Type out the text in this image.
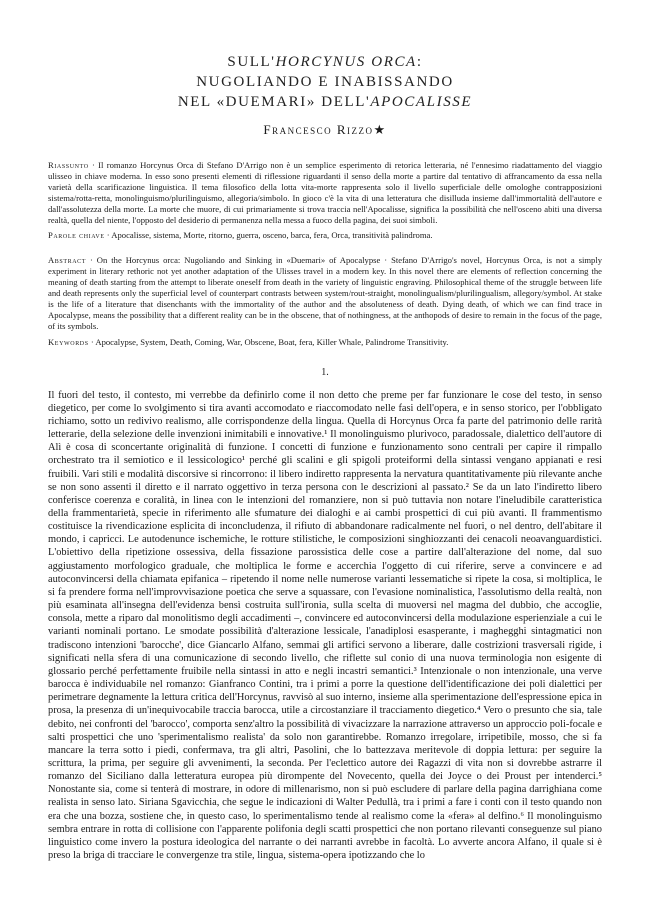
SULL'HORCYNUS ORCA:
NUGOLIANDO E INABISSANDO
NEL «DUEMARI» DELL'APOCALISSE
Francesco Rizzo★

Riassunto · Il romanzo Horcynus Orca di Stefano D'Arrigo non è un semplice esperimento di retorica letteraria, né l'ennesimo riadattamento del viaggio ulisseo in chiave moderna. In esso sono presenti elementi di riflessione riguardanti il senso della morte a partire dal tentativo di affrancamento da essa nella varietà della scarificazione linguistica. Il tema filosofico della lotta vita-morte rappresenta solo il livello superficiale delle omologhe contrapposizioni sistema/rotta-retta, monolinguismo/plurilinguismo, allegoria/simbolo. In gioco c'è la vita di una letteratura che disilluda insieme dall'immortalità dell'autore e dall'assolutezza della morte. La morte che muore, di cui primariamente si trova traccia nell'Apocalisse, significa la possibilità che nell'osceno abiti una diversa realtà, quella del niente, l'opposto del desiderio di permanenza nella messa a fuoco della pagina, dei suoi simboli.

Parole chiave · Apocalisse, sistema, Morte, ritorno, guerra, osceno, barca, fera, Orca, transitività palindroma.

Abstract · On the Horcynus orca: Nugoliando and Sinking in «Duemari» of Apocalypse · Stefano D'Arrigo's novel, Horcynus Orca, is not a simply experiment in literary rethoric not yet another adaptation of the Ulisses travel in a modern key. In this novel there are elements of reflection concerning the meaning of death starting from the attempt to liberate oneself from death in the variety of linguistic engraving. Philosophical theme of the struggle between life and death represents only the superficial level of counterpart contrasts between system/rout-straight, monolingualism/plurilingualism, allegory/symbol. At stake is the life of a literature that disenchants with the immortality of the author and the absoluteness of death. Dying death, of which we can find trace in Apocalypse, means the possibility that a different reality can be in the obscene, that of nothingness, at the anthopods of desire to remain in the focus of the page, of its symbols.

Keywords · Apocalypse, System, Death, Coming, War, Obscene, Boat, fera, Killer Whale, Palindrome Transitivity.
1.

Il fuori del testo, il contesto, mi verrebbe da definirlo come il non detto che preme per far funzionare le cose del testo, in senso diegetico, per come lo svolgimento si tira avanti accomodato e riaccomodato nelle fasi dell'opera, e in senso storico, per l'obbligato richiamo, sotto un redivivo realismo, alle corrispondenze della lingua. Quella di Horcynus Orca fa parte del patrimonio delle rarità letterarie, della selezione delle invenzioni inimitabili e innovative.¹ Il monolinguismo plurivoco, paradossale, dialettico dell'autore di Alì è cosa di sconcertante originalità di funzione. I concetti di funzione e funzionamento sono centrali per capire il rimpallo orchestrato tra il semiotico e il lessicologico¹ perché gli scalini e gli spigoli proteiformi della sintassi vengano appianati e resi fruibili. Vari stili e modalità discorsive si rincorrono: il libero indiretto rappresenta la nervatura quantitativamente più rilevante anche se non sono assenti il diretto e il narrato oggettivo in terza persona con le descrizioni al passato.² Se da un lato l'indiretto libero conferisce coerenza e coralità, in linea con le intenzioni del romanziere, non si può tuttavia non notare l'ineludibile caratteristica della frammentarietà, specie in riferimento alle sfumature dei dialoghi e ai cambi prospettici di cui più avanti. Il frammentismo costituisce la rivendicazione esplicita di inconcludenza, il rifiuto di abbandonare radicalmente nel fuori, o nel dentro, dell'abitare il mondo, i capricci. Le autodenunce ischemiche, le rotture stilistiche, le composizioni singhiozzanti dei cenacoli neoavanguardistici. L'obiettivo della ripetizione ossessiva, della fissazione parossistica delle cose a partire dall'alterazione del nome, dal suo aggiustamento morfologico graduale, che moltiplica le forme e accerchia l'oggetto di cui riferire, serve a convincere e ad autoconvincersi della chiamata epifanica – ripetendo il nome nelle numerose varianti lessematiche si ripete la cosa, si moltiplica, le si fa prendere forma nell'improvvisazione poetica che serve a squassare, con l'evasione nominalistica, l'assolutismo della realtà, non più esaminata all'insegna dell'evidenza bensì costruita sull'ironia, sulla scelta di muoversi nel magma del dubbio, che accoglie, consola, mette a riparo dal monolitismo degli accadimenti –, convincere ed autoconvincersi della modulazione esperienziale a cui le varianti nominali portano. Le smodate possibilità d'alterazione lessicale, l'anadiplosi esasperante, i maghegghi sintagmatici non tradiscono intenzioni 'barocche', dice Giancarlo Alfano, semmai gli artifici servono a liberare, dalle costrizioni trasversali rigide, i significati nella sfera di una comunicazione di secondo livello, che riflette sul conio di una nuova terminologia non esigente di glossario perché perfettamente fruibile nella sintassi in atto e negli incastri semantici.³ Intenzionale o non intenzionale, una verve barocca è individuabile nel romanzo: Gianfranco Contini, tra i primi a porre la questione dell'identificazione dei poli dialettici per perimetrare degnamente la lettura critica dell'Horcynus, ravvisò al suo interno, insieme alla sperimentazione dell'espressione epica in prosa, la presenza di un'inequivocabile traccia barocca, utile a circostanziare il tracciamento diegetico.⁴ Vero o presunto che sia, tale debito, nei confronti del 'barocco', comporta senz'altro la possibilità di vivacizzare la narrazione attraverso un approccio poli-focale e salti prospettici che uno 'sperimentalismo realista' da solo non garantirebbe. Romanzo irregolare, irripetibile, mosso, che si fa mancare la terra sotto i piedi, confermava, tra gli altri, Pasolini, che lo battezzava meritevole di doppia lettura: per seguire la scrittura, la prima, per seguire gli avvenimenti, la seconda. Per l'eclettico autore dei Ragazzi di vita non si dovrebbe astrarre il romanzo del Siciliano dalla letteratura europea più dirompente del Novecento, quella dei Joyce o dei Proust per intenderci.⁵ Nonostante sia, come si tenterà di mostrare, in odore di millenarismo, non si può escludere di parlare della pagina darrighiana come realista in senso lato. Siriana Sgavicchia, che segue le indicazioni di Walter Pedullà, tra i primi a fare i conti con il testo quando non era che una bozza, sostiene che, in questo caso, lo sperimentalismo tende al realismo come la «fera» al delfino.⁶ Il monolinguismo sembra entrare in rotta di collisione con l'apparente polifonia degli scatti prospettici che non portano rilevanti conseguenze sul piano linguistico come invero la postura ideologica del narrante o dei narranti avrebbe in facoltà. Lo avverte ancora Alfano, il quale si è preso la briga di tracciare le convergenze tra stile, lingua, sistema-opera ipotizzando che lo
